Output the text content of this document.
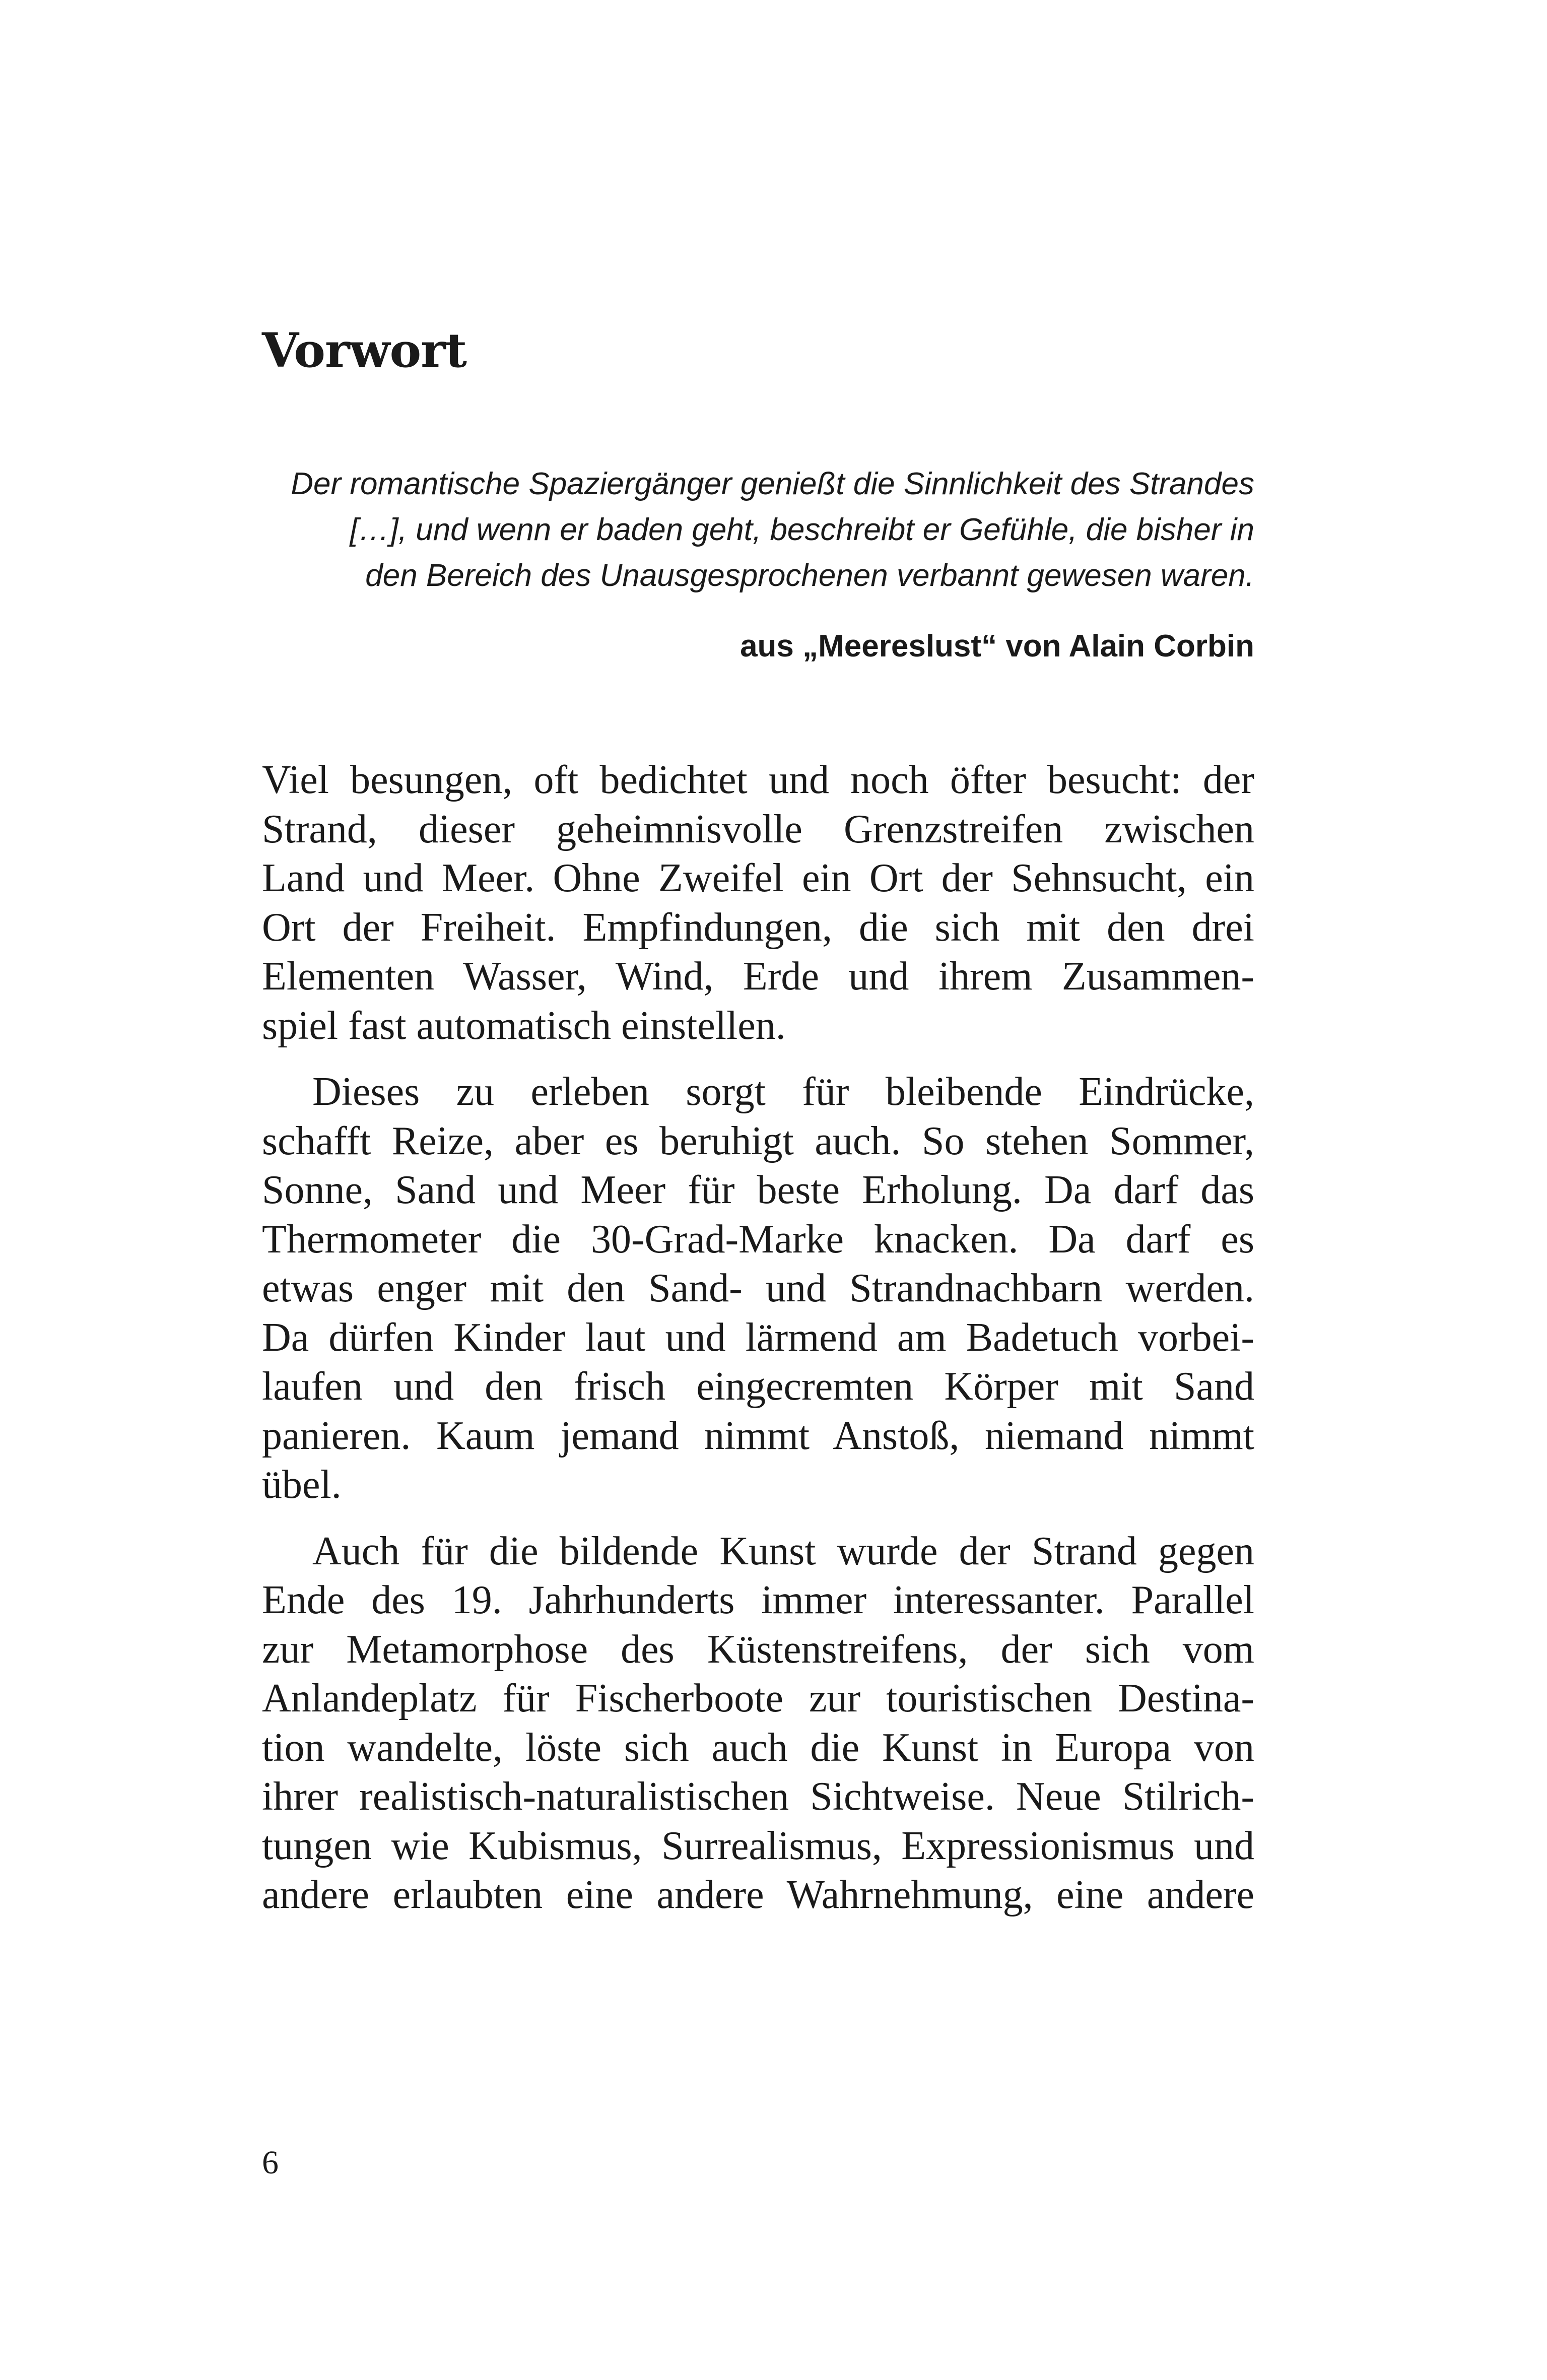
Vorwort
Der romantische Spaziergänger genießt die Sinnlichkeit des Strandes
[…], und wenn er baden geht, beschreibt er Gefühle, die bisher in
den Bereich des Unausgesprochenen verbannt gewesen waren.
aus „Meereslust“ von Alain Corbin
Viel besungen, oft bedichtet und noch öfter besucht: der
Strand, dieser geheimnisvolle Grenzstreifen zwischen
Land und Meer. Ohne Zweifel ein Ort der Sehnsucht, ein
Ort der Freiheit. Empfindungen, die sich mit den drei
Elementen Wasser, Wind, Erde und ihrem Zusammen-
spiel fast automatisch einstellen.
Dieses zu erleben sorgt für bleibende Eindrücke,
schafft Reize, aber es beruhigt auch. So stehen Sommer,
Sonne, Sand und Meer für beste Erholung. Da darf das
Thermometer die 30-Grad-Marke knacken. Da darf es
etwas enger mit den Sand- und Strandnachbarn werden.
Da dürfen Kinder laut und lärmend am Badetuch vorbei-
laufen und den frisch eingecremten Körper mit Sand
panieren. Kaum jemand nimmt Anstoß, niemand nimmt
übel.
Auch für die bildende Kunst wurde der Strand gegen
Ende des 19. Jahrhunderts immer interessanter. Parallel
zur Metamorphose des Küstenstreifens, der sich vom
Anlandeplatz für Fischerboote zur touristischen Destina-
tion wandelte, löste sich auch die Kunst in Europa von
ihrer realistisch-naturalistischen Sichtweise. Neue Stilrich-
tungen wie Kubismus, Surrealismus, Expressionismus und
andere erlaubten eine andere Wahrnehmung, eine andere
6
